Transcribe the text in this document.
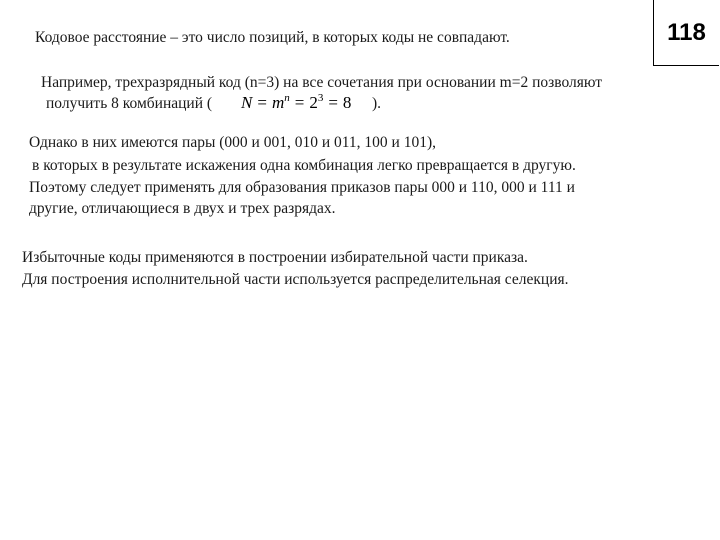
118
Кодовое расстояние – это число позиций, в которых коды не совпадают.
Например, трехразрядный код (n=3) на все сочетания при основании m=2 позволяют
получить 8 комбинаций ( $N = m^n = 2^3 = 8$ ).
Однако в них имеются пары (000 и 001, 010 и 011, 100 и 101),
в которых в результате искажения одна комбинация легко превращается в другую.
Поэтому следует применять для образования приказов пары 000 и 110, 000 и 111 и
другие, отличающиеся в двух и трех разрядах.
Избыточные коды применяются в построении избирательной части приказа.
Для построения исполнительной части используется распределительная селекция.
